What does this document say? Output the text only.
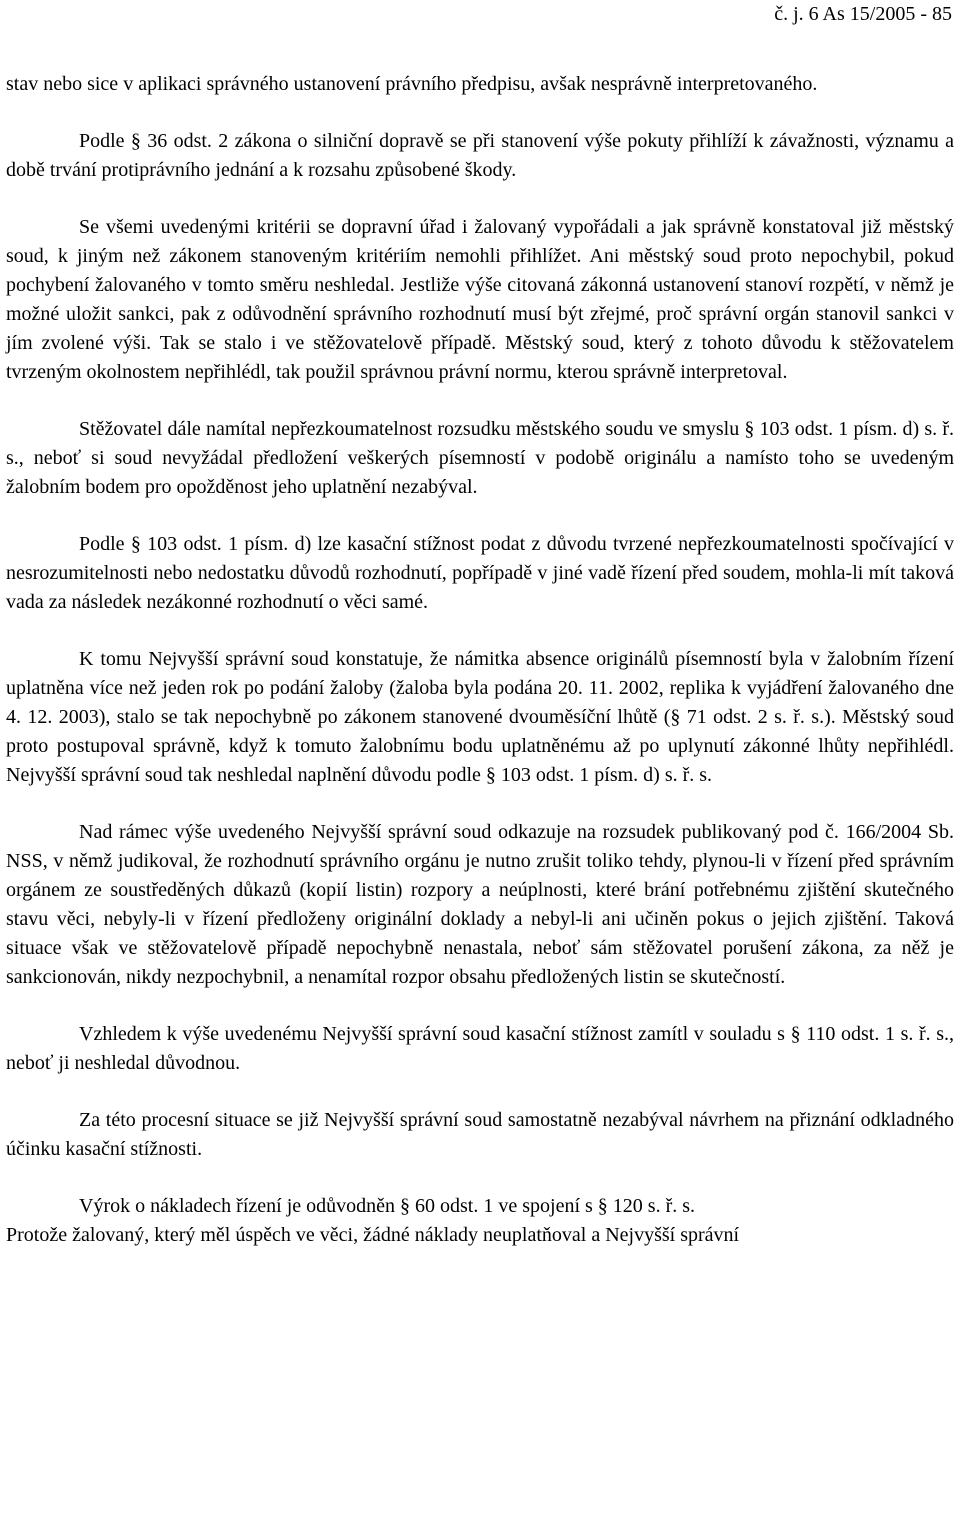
č. j. 6 As 15/2005 - 85

stav nebo sice v aplikaci správného ustanovení právního předpisu, avšak nesprávně interpretovaného.

Podle § 36 odst. 2 zákona o silniční dopravě se při stanovení výše pokuty přihlíží k závažnosti, významu a době trvání protiprávního jednání a k rozsahu způsobené škody.

Se všemi uvedenými kritérii se dopravní úřad i žalovaný vypořádali a jak správně konstatoval již městský soud, k jiným než zákonem stanoveným kritériím nemohli přihlížet. Ani městský soud proto nepochybil, pokud pochybení žalovaného v tomto směru neshledal. Jestliže výše citovaná zákonná ustanovení stanoví rozpětí, v němž je možné uložit sankci, pak z odůvodnění správního rozhodnutí musí být zřejmé, proč správní orgán stanovil sankci v jím zvolené výši. Tak se stalo i ve stěžovatelově případě. Městský soud, který z tohoto důvodu k stěžovatelem tvrzeným okolnostem nepřihlédl, tak použil správnou právní normu, kterou správně interpretoval.

Stěžovatel dále namítal nepřezkoumatelnost rozsudku městského soudu ve smyslu § 103 odst. 1 písm. d) s. ř. s., neboť si soud nevyžádal předložení veškerých písemností v podobě originálu a namísto toho se uvedeným žalobním bodem pro opožděnost jeho uplatnění nezabýval.

Podle § 103 odst. 1 písm. d) lze kasační stížnost podat z důvodu tvrzené nepřezkoumatelnosti spočívající v nesrozumitelnosti nebo nedostatku důvodů rozhodnutí, popřípadě v jiné vadě řízení před soudem, mohla-li mít taková vada za následek nezákonné rozhodnutí o věci samé.

K tomu Nejvyšší správní soud konstatuje, že námitka absence originálů písemností byla v žalobním řízení uplatněna více než jeden rok po podání žaloby (žaloba byla podána 20. 11. 2002, replika k vyjádření žalovaného dne 4. 12. 2003), stalo se tak nepochybně po zákonem stanovené dvouměsíční lhůtě (§ 71 odst. 2 s. ř. s.). Městský soud proto postupoval správně, když k tomuto žalobnímu bodu uplatněnému až po uplynutí zákonné lhůty nepřihlédl. Nejvyšší správní soud tak neshledal naplnění důvodu podle § 103 odst. 1 písm. d) s. ř. s.

Nad rámec výše uvedeného Nejvyšší správní soud odkazuje na rozsudek publikovaný pod č. 166/2004 Sb. NSS, v němž judikoval, že rozhodnutí správního orgánu je nutno zrušit toliko tehdy, plynou-li v řízení před správním orgánem ze soustředěných důkazů (kopií listin) rozpory a neúplnosti, které brání potřebnému zjištění skutečného stavu věci, nebyly-li v řízení předloženy originální doklady a nebyl-li ani učiněn pokus o jejich zjištění. Taková situace však ve stěžovatelově případě nepochybně nenastala, neboť sám stěžovatel porušení zákona, za něž je sankcionován, nikdy nezpochybnil, a nenamítal rozpor obsahu předložených listin se skutečností.

Vzhledem k výše uvedenému Nejvyšší správní soud kasační stížnost zamítl v souladu s § 110 odst. 1 s. ř. s., neboť ji neshledal důvodnou.

Za této procesní situace se již Nejvyšší správní soud samostatně nezabýval návrhem na přiznání odkladného účinku kasační stížnosti.

Výrok o nákladech řízení je odůvodněn § 60 odst. 1 ve spojení s § 120 s. ř. s.

Protože žalovaný, který měl úspěch ve věci, žádné náklady neuplatňoval a Nejvyšší správní
